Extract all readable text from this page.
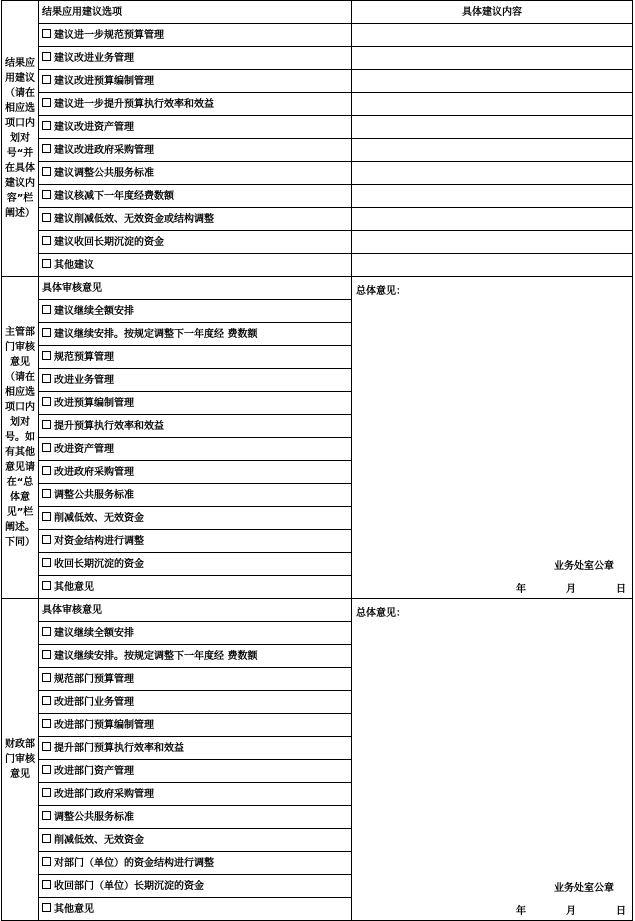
结果应用建议（请在相应选项口内划对号“并在具体建议内容”栏阐述）	结果应用建议选项	具体建议内容
	建议进一步规范预算管理	
	建议改进业务管理	
	建议改进预算编制管理	
	建议进一步提升预算执行效率和效益	
	建议改进资产管理	
	建议改进政府采购管理	
	建议调整公共服务标准	
	建议核减下一年度经费数额	
	建议削减低效、无效资金或结构调整	
	建议收回长期沉淀的资金	
	其他建议	
主管部门审核意见（请在相应选项口内划对号。如有其他意见请在“总体意见”栏阐述。下同）	具体审核意见	总体意见：
业务处室公章
年 月 日

	建议继续全额安排	
	建议继续安排。按规定调整下一年度经 费数额	
	规范预算管理	
	改进业务管理	
	改进预算编制管理	
	提升预算执行效率和效益	
	改进资产管理	
	改进政府采购管理	
	调整公共服务标准	
	削减低效、无效资金	
	对资金结构进行调整	
	收回长期沉淀的资金	
	其他意见	
财政部门审核意见	具体审核意见	总体意见：
业务处室公章
年 月 日

	建议继续全额安排	
	建议继续安排。按规定调整下一年度经 费数额	
	规范部门预算管理	
	改进部门业务管理	
	改进部门预算编制管理	
	提升部门预算执行效率和效益	
	改进部门资产管理	
	改进部门政府采购管理	
	调整公共服务标准	
	削减低效、无效资金	
	对部门（单位）的资金结构进行调整	
	收回部门（单位）长期沉淀的资金	
	其他意见	
